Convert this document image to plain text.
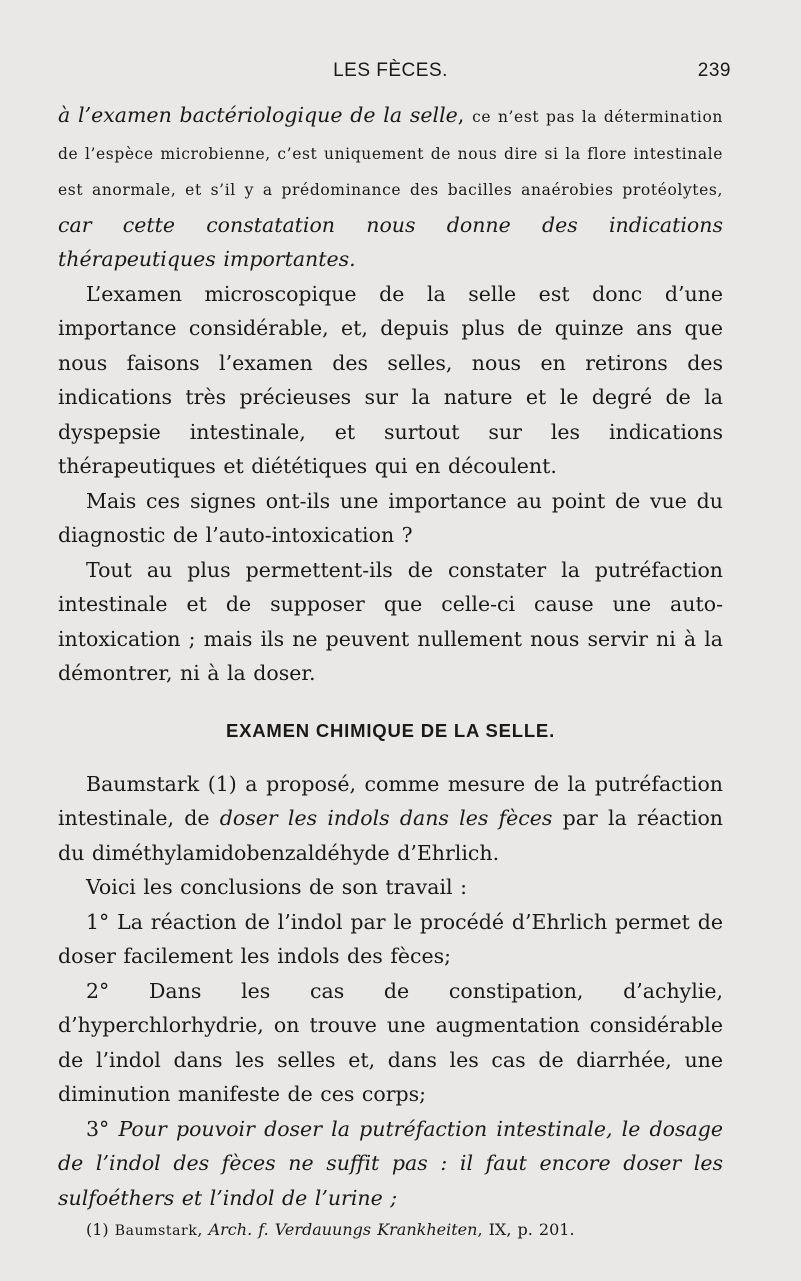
LES FÈCES.	239

à l’examen bactériologique de la selle, ce n’est pas la détermination de l’espèce microbienne, c’est uniquement de nous dire si la flore intestinale est anormale, et s’il y a prédominance des bacilles anaérobies protéolytes, car cette constatation nous donne des indications thérapeutiques importantes.

L’examen microscopique de la selle est donc d’une importance considérable, et, depuis plus de quinze ans que nous faisons l’examen des selles, nous en retirons des indications très précieuses sur la nature et le degré de la dyspepsie intestinale, et surtout sur les indications thérapeutiques et diététiques qui en découlent.

Mais ces signes ont-ils une importance au point de vue du diagnostic de l’auto-intoxication ?

Tout au plus permettent-ils de constater la putréfaction intestinale et de supposer que celle-ci cause une auto-intoxication ; mais ils ne peuvent nullement nous servir ni à la démontrer, ni à la doser.

EXAMEN CHIMIQUE DE LA SELLE.

Baumstark (1) a proposé, comme mesure de la putréfaction intestinale, de doser les indols dans les fèces par la réaction du diméthylamidobenzaldéhyde d’Ehrlich.

Voici les conclusions de son travail :

1° La réaction de l’indol par le procédé d’Ehrlich permet de doser facilement les indols des fèces;

2° Dans les cas de constipation, d’achylie, d’hyperchlorhydrie, on trouve une augmentation considérable de l’indol dans les selles et, dans les cas de diarrhée, une diminution manifeste de ces corps;

3° Pour pouvoir doser la putréfaction intestinale, le dosage de l’indol des fèces ne suffit pas : il faut encore doser les sulfoéthers et l’indol de l’urine ;

(1) Baumstark, Arch. f. Verdauungs Krankheiten, IX, p. 201.
